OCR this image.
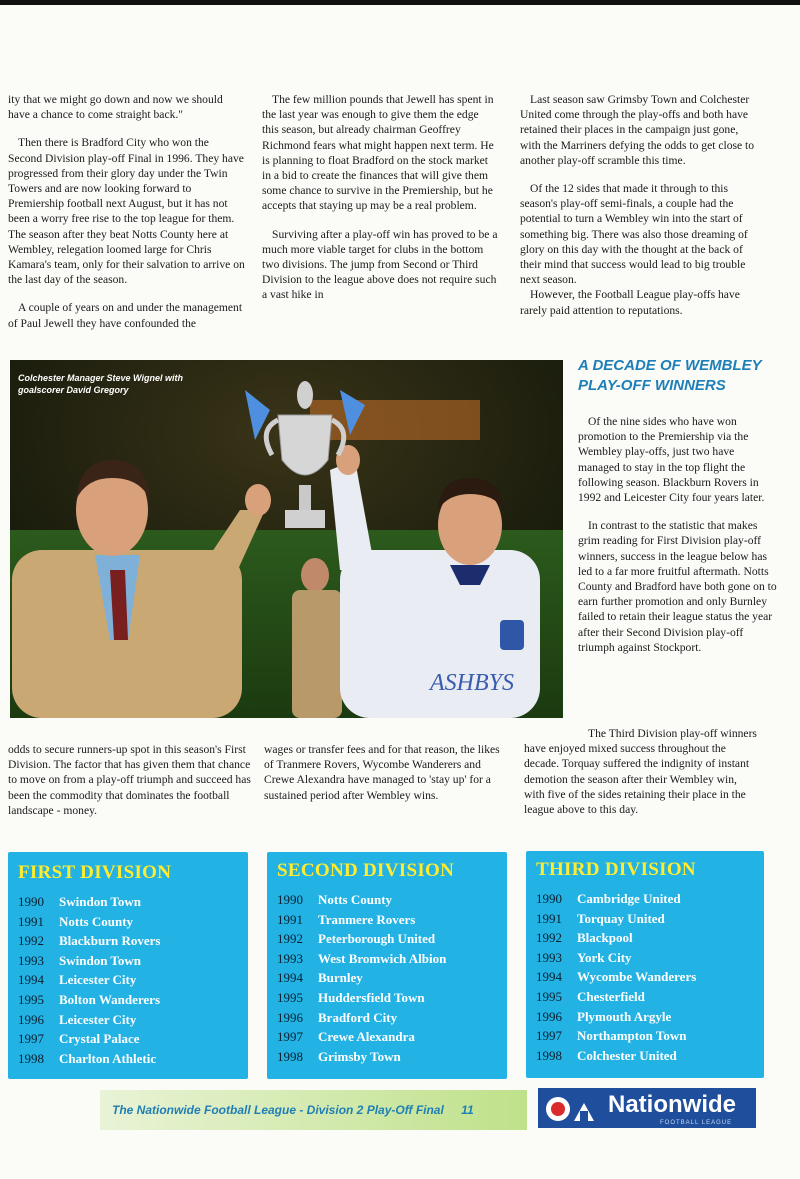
ity that we might go down and now we should have a chance to come straight back."

Then there is Bradford City who won the Second Division play-off Final in 1996. They have progressed from their glory day under the Twin Towers and are now looking forward to Premiership football next August, but it has not been a worry free rise to the top league for them. The season after they beat Notts County here at Wembley, relegation loomed large for Chris Kamara's team, only for their salvation to arrive on the last day of the season.

A couple of years on and under the management of Paul Jewell they have confounded the

The few million pounds that Jewell has spent in the last year was enough to give them the edge this season, but already chairman Geoffrey Richmond fears what might happen next term. He is planning to float Bradford on the stock market in a bid to create the finances that will give them some chance to survive in the Premiership, but he accepts that staying up may be a real problem.

Surviving after a play-off win has proved to be a much more viable target for clubs in the bottom two divisions. The jump from Second or Third Division to the league above does not require such a vast hike in

Last season saw Grimsby Town and Colchester United come through the play-offs and both have retained their places in the campaign just gone, with the Marriners defying the odds to get close to another play-off scramble this time.

Of the 12 sides that made it through to this season's play-off semi-finals, a couple had the potential to turn a Wembley win into the start of something big. There was also those dreaming of glory on this day with the thought at the back of their mind that success would lead to big trouble next season.

However, the Football League play-offs have rarely paid attention to reputations.

ASHBYS
Colchester Manager Steve Wignel with goalscorer David Gregory
A DECADE OF WEMBLEY PLAY-OFF WINNERS

Of the nine sides who have won promotion to the Premiership via the Wembley play-offs, just two have managed to stay in the top flight the following season. Blackburn Rovers in 1992 and Leicester City four years later.

In contrast to the statistic that makes grim reading for First Division play-off winners, success in the league below has led to a far more fruitful aftermath. Notts County and Bradford have both gone on to earn further promotion and only Burnley failed to retain their league status the year after their Second Division play-off triumph against Stockport.

odds to secure runners-up spot in this season's First Division. The factor that has given them that chance to move on from a play-off triumph and succeed has been the commodity that dominates the football landscape - money.

wages or transfer fees and for that reason, the likes of Tranmere Rovers, Wycombe Wanderers and Crewe Alexandra have managed to 'stay up' for a sustained period after Wembley wins.

The Third Division play-off winners have enjoyed mixed success throughout the decade. Torquay suffered the indignity of instant demotion the season after their Wembley win, with five of the sides retaining their place in the league above to this day.

FIRST DIVISION
1990 Swindon Town
1991 Notts County
1992 Blackburn Rovers
1993 Swindon Town
1994 Leicester City
1995 Bolton Wanderers
1996 Leicester City
1997 Crystal Palace
1998 Charlton Athletic
SECOND DIVISION
1990 Notts County
1991 Tranmere Rovers
1992 Peterborough United
1993 West Bromwich Albion
1994 Burnley
1995 Huddersfield Town
1996 Bradford City
1997 Crewe Alexandra
1998 Grimsby Town
THIRD DIVISION
1990 Cambridge United
1991 Torquay United
1992 Blackpool
1993 York City
1994 Wycombe Wanderers
1995 Chesterfield
1996 Plymouth Argyle
1997 Northampton Town
1998 Colchester United
The Nationwide Football League - Division 2 Play-Off Final 11	Nationwide
FOOTBALL LEAGUE
